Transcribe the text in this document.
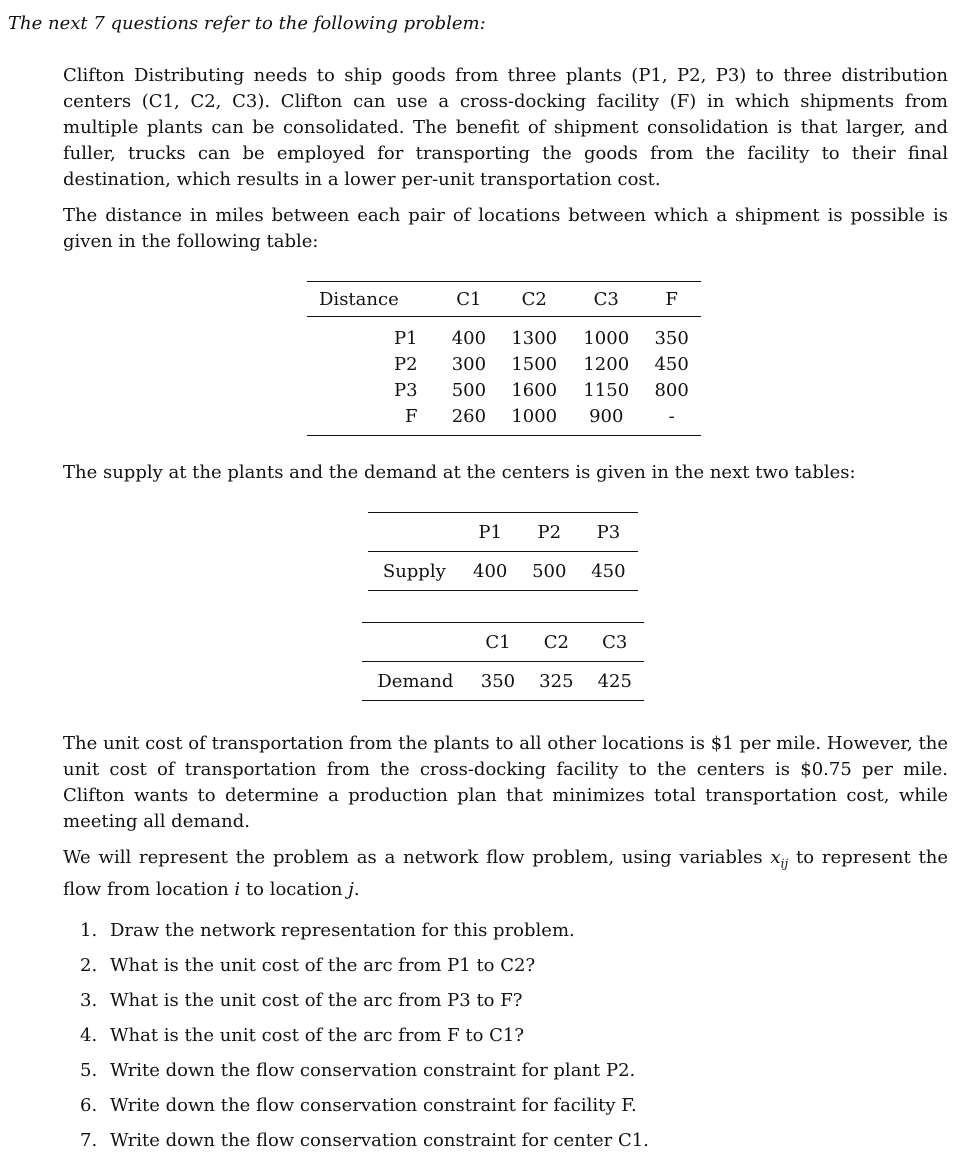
The next 7 questions refer to the following problem:

Clifton Distributing needs to ship goods from three plants (P1, P2, P3) to three distribution centers (C1, C2, C3). Clifton can use a cross-docking facility (F) in which shipments from multiple plants can be consolidated. The benefit of shipment consolidation is that larger, and fuller, trucks can be employed for transporting the goods from the facility to their final destination, which results in a lower per-unit transportation cost.

The distance in miles between each pair of locations between which a shipment is possible is given in the following table:

Distance	C1	C2	C3	F
P1	400	1300	1000	350
P2	300	1500	1200	450
P3	500	1600	1150	800
F	260	1000	900	-

The supply at the plants and the demand at the centers is given in the next two tables:

	P1	P2	P3
Supply	400	500	450
	C1	C2	C3
Demand	350	325	425

The unit cost of transportation from the plants to all other locations is $1 per mile. However, the unit cost of transportation from the cross-docking facility to the centers is $0.75 per mile. Clifton wants to determine a production plan that minimizes total transportation cost, while meeting all demand.

We will represent the problem as a network flow problem, using variables $x_{ij}$ to represent the flow from location i to location j.

1. Draw the network representation for this problem.
2. What is the unit cost of the arc from P1 to C2?
3. What is the unit cost of the arc from P3 to F?
4. What is the unit cost of the arc from F to C1?
5. Write down the flow conservation constraint for plant P2.
6. Write down the flow conservation constraint for facility F.
7. Write down the flow conservation constraint for center C1.
